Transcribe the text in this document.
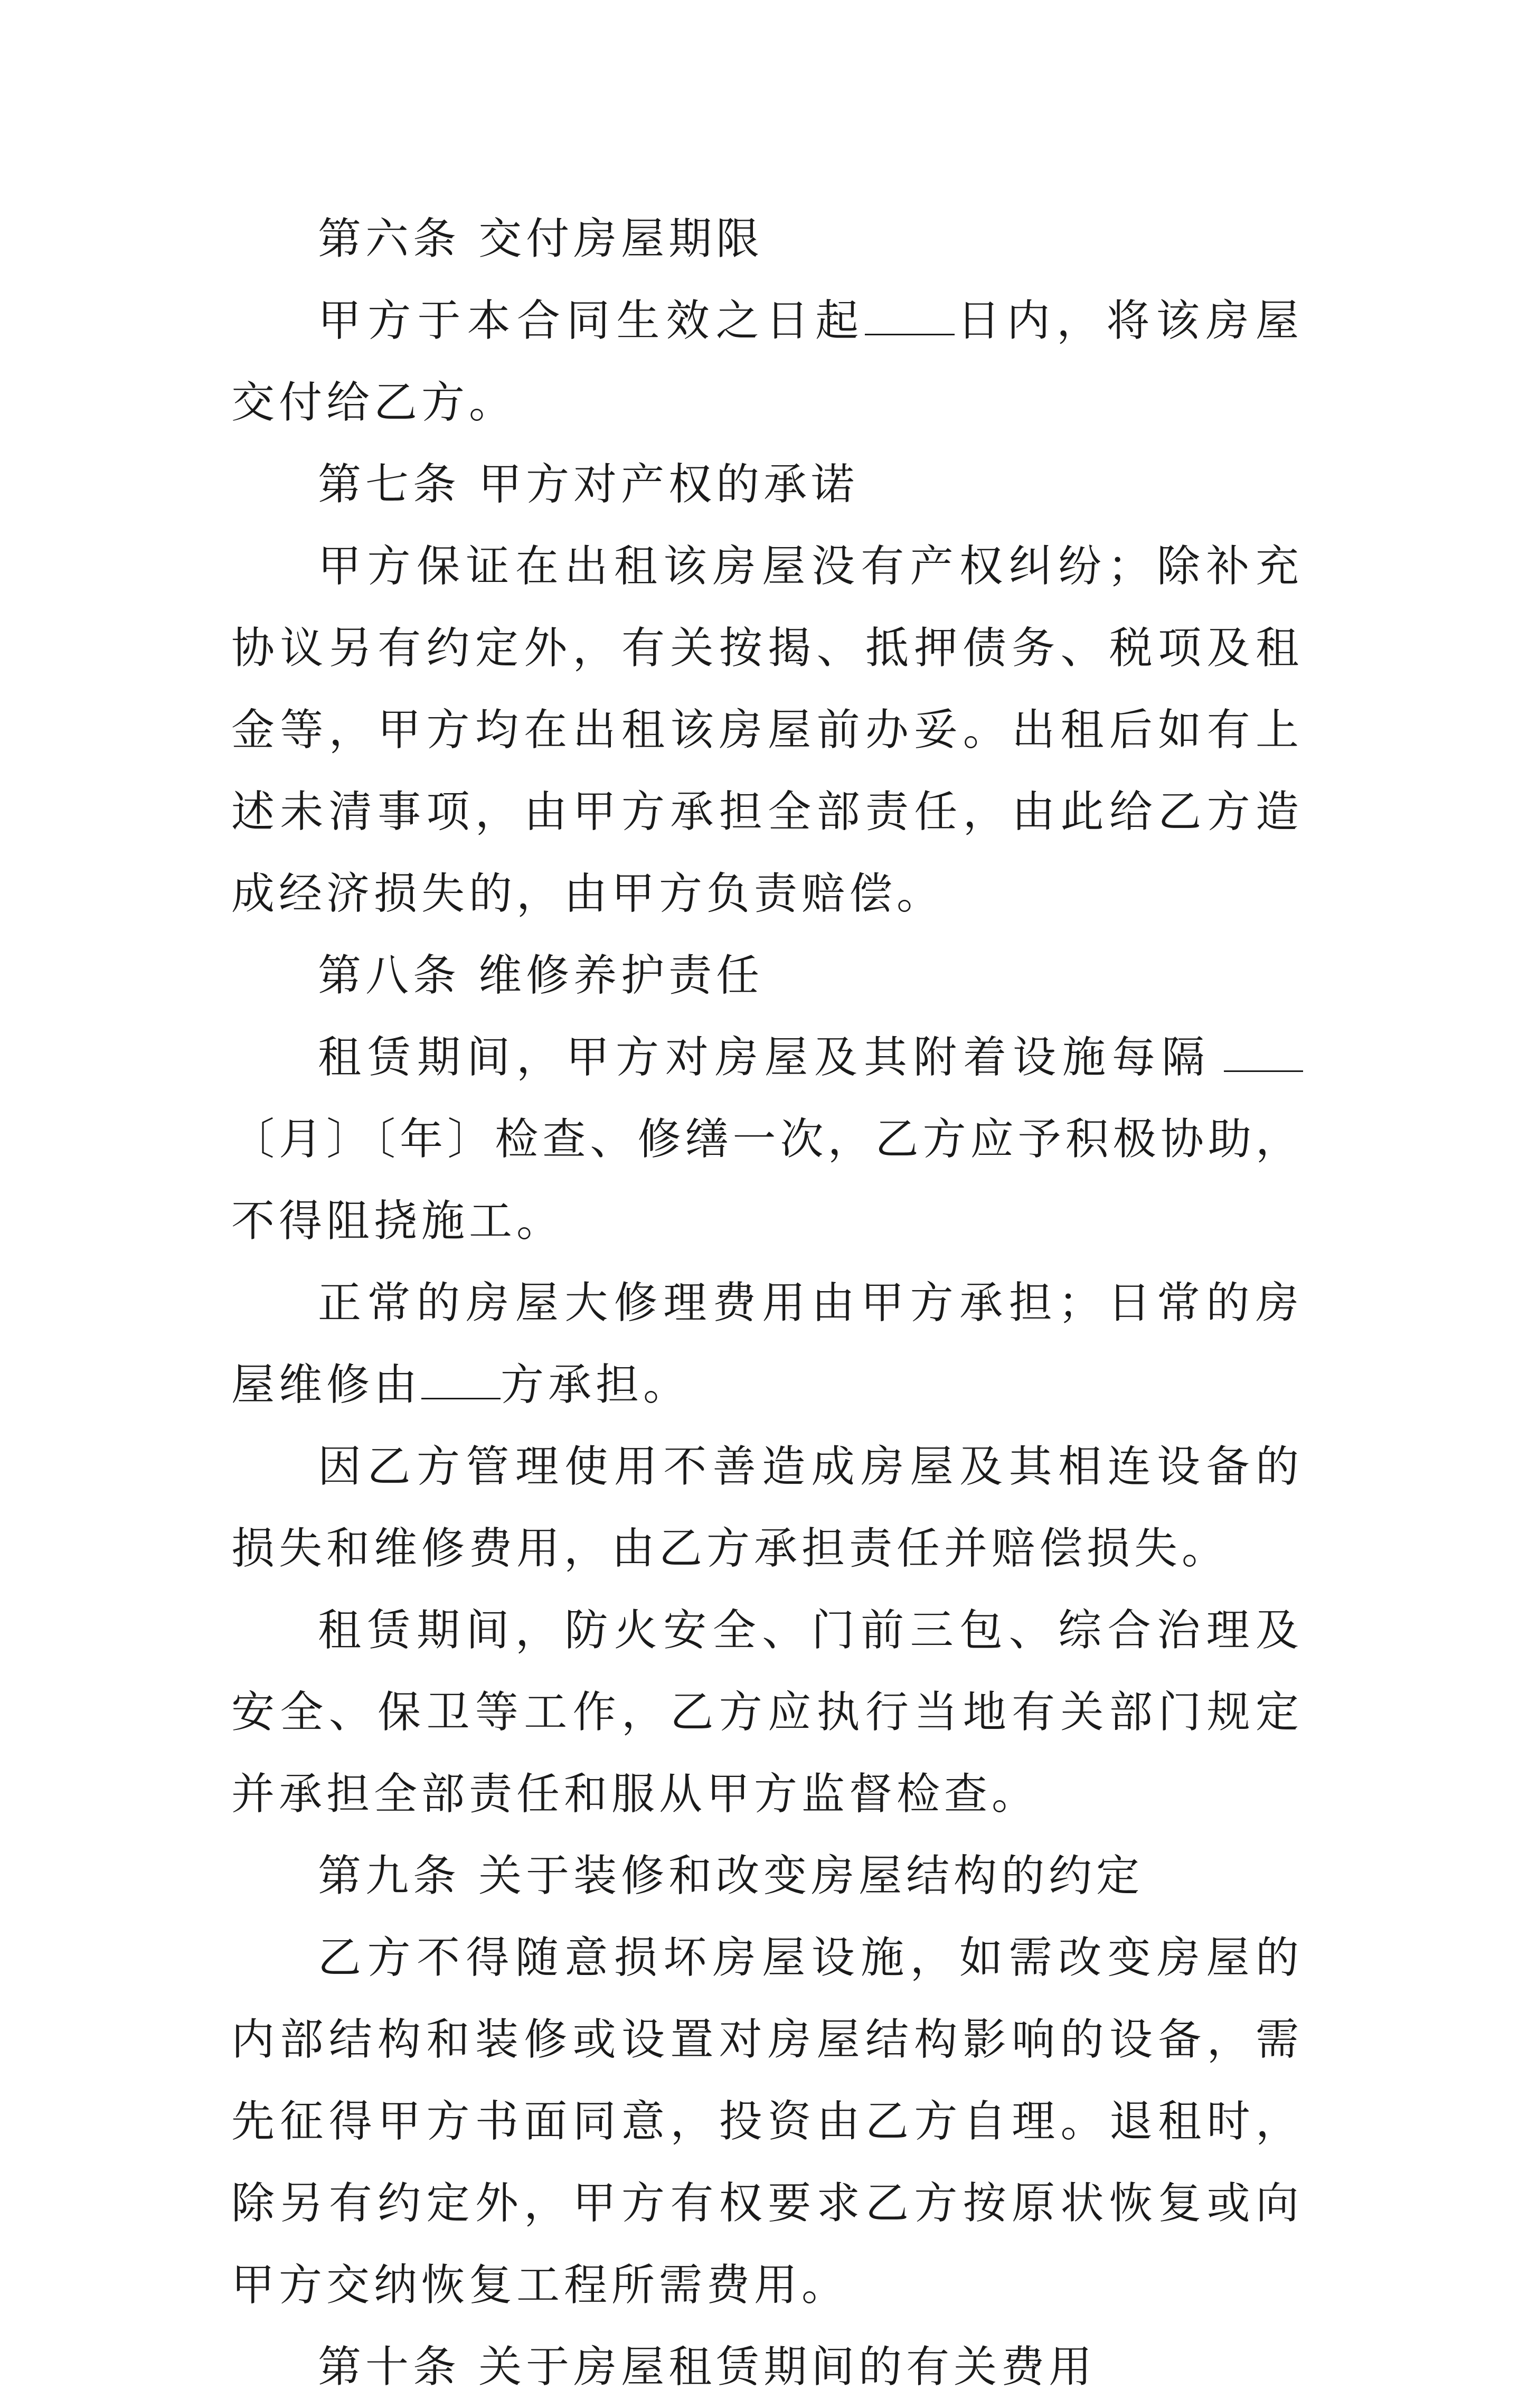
第六条 交付房屋期限

甲方于本合同生效之日起 日内，将该房屋交付给乙方。

第七条 甲方对产权的承诺

甲方保证在出租该房屋没有产权纠纷；除补充协议另有约定外，有关按揭、抵押债务、税项及租金等，甲方均在出租该房屋前办妥。出租后如有上述未清事项，由甲方承担全部责任，由此给乙方造成经济损失的，由甲方负责赔偿。

第八条 维修养护责任

租赁期间，甲方对房屋及其附着设施每隔〔月〕〔年〕检查、修缮一次，乙方应予积极协助，不得阻挠施工。

正常的房屋大修理费用由甲方承担；日常的房屋维修由 方承担。

因乙方管理使用不善造成房屋及其相连设备的损失和维修费用，由乙方承担责任并赔偿损失。

租赁期间，防火安全、门前三包、综合治理及安全、保卫等工作，乙方应执行当地有关部门规定并承担全部责任和服从甲方监督检查。

第九条 关于装修和改变房屋结构的约定

乙方不得随意损坏房屋设施，如需改变房屋的内部结构和装修或设置对房屋结构影响的设备，需先征得甲方书面同意，投资由乙方自理。退租时，除另有约定外，甲方有权要求乙方按原状恢复或向甲方交纳恢复工程所需费用。

第十条 关于房屋租赁期间的有关费用
